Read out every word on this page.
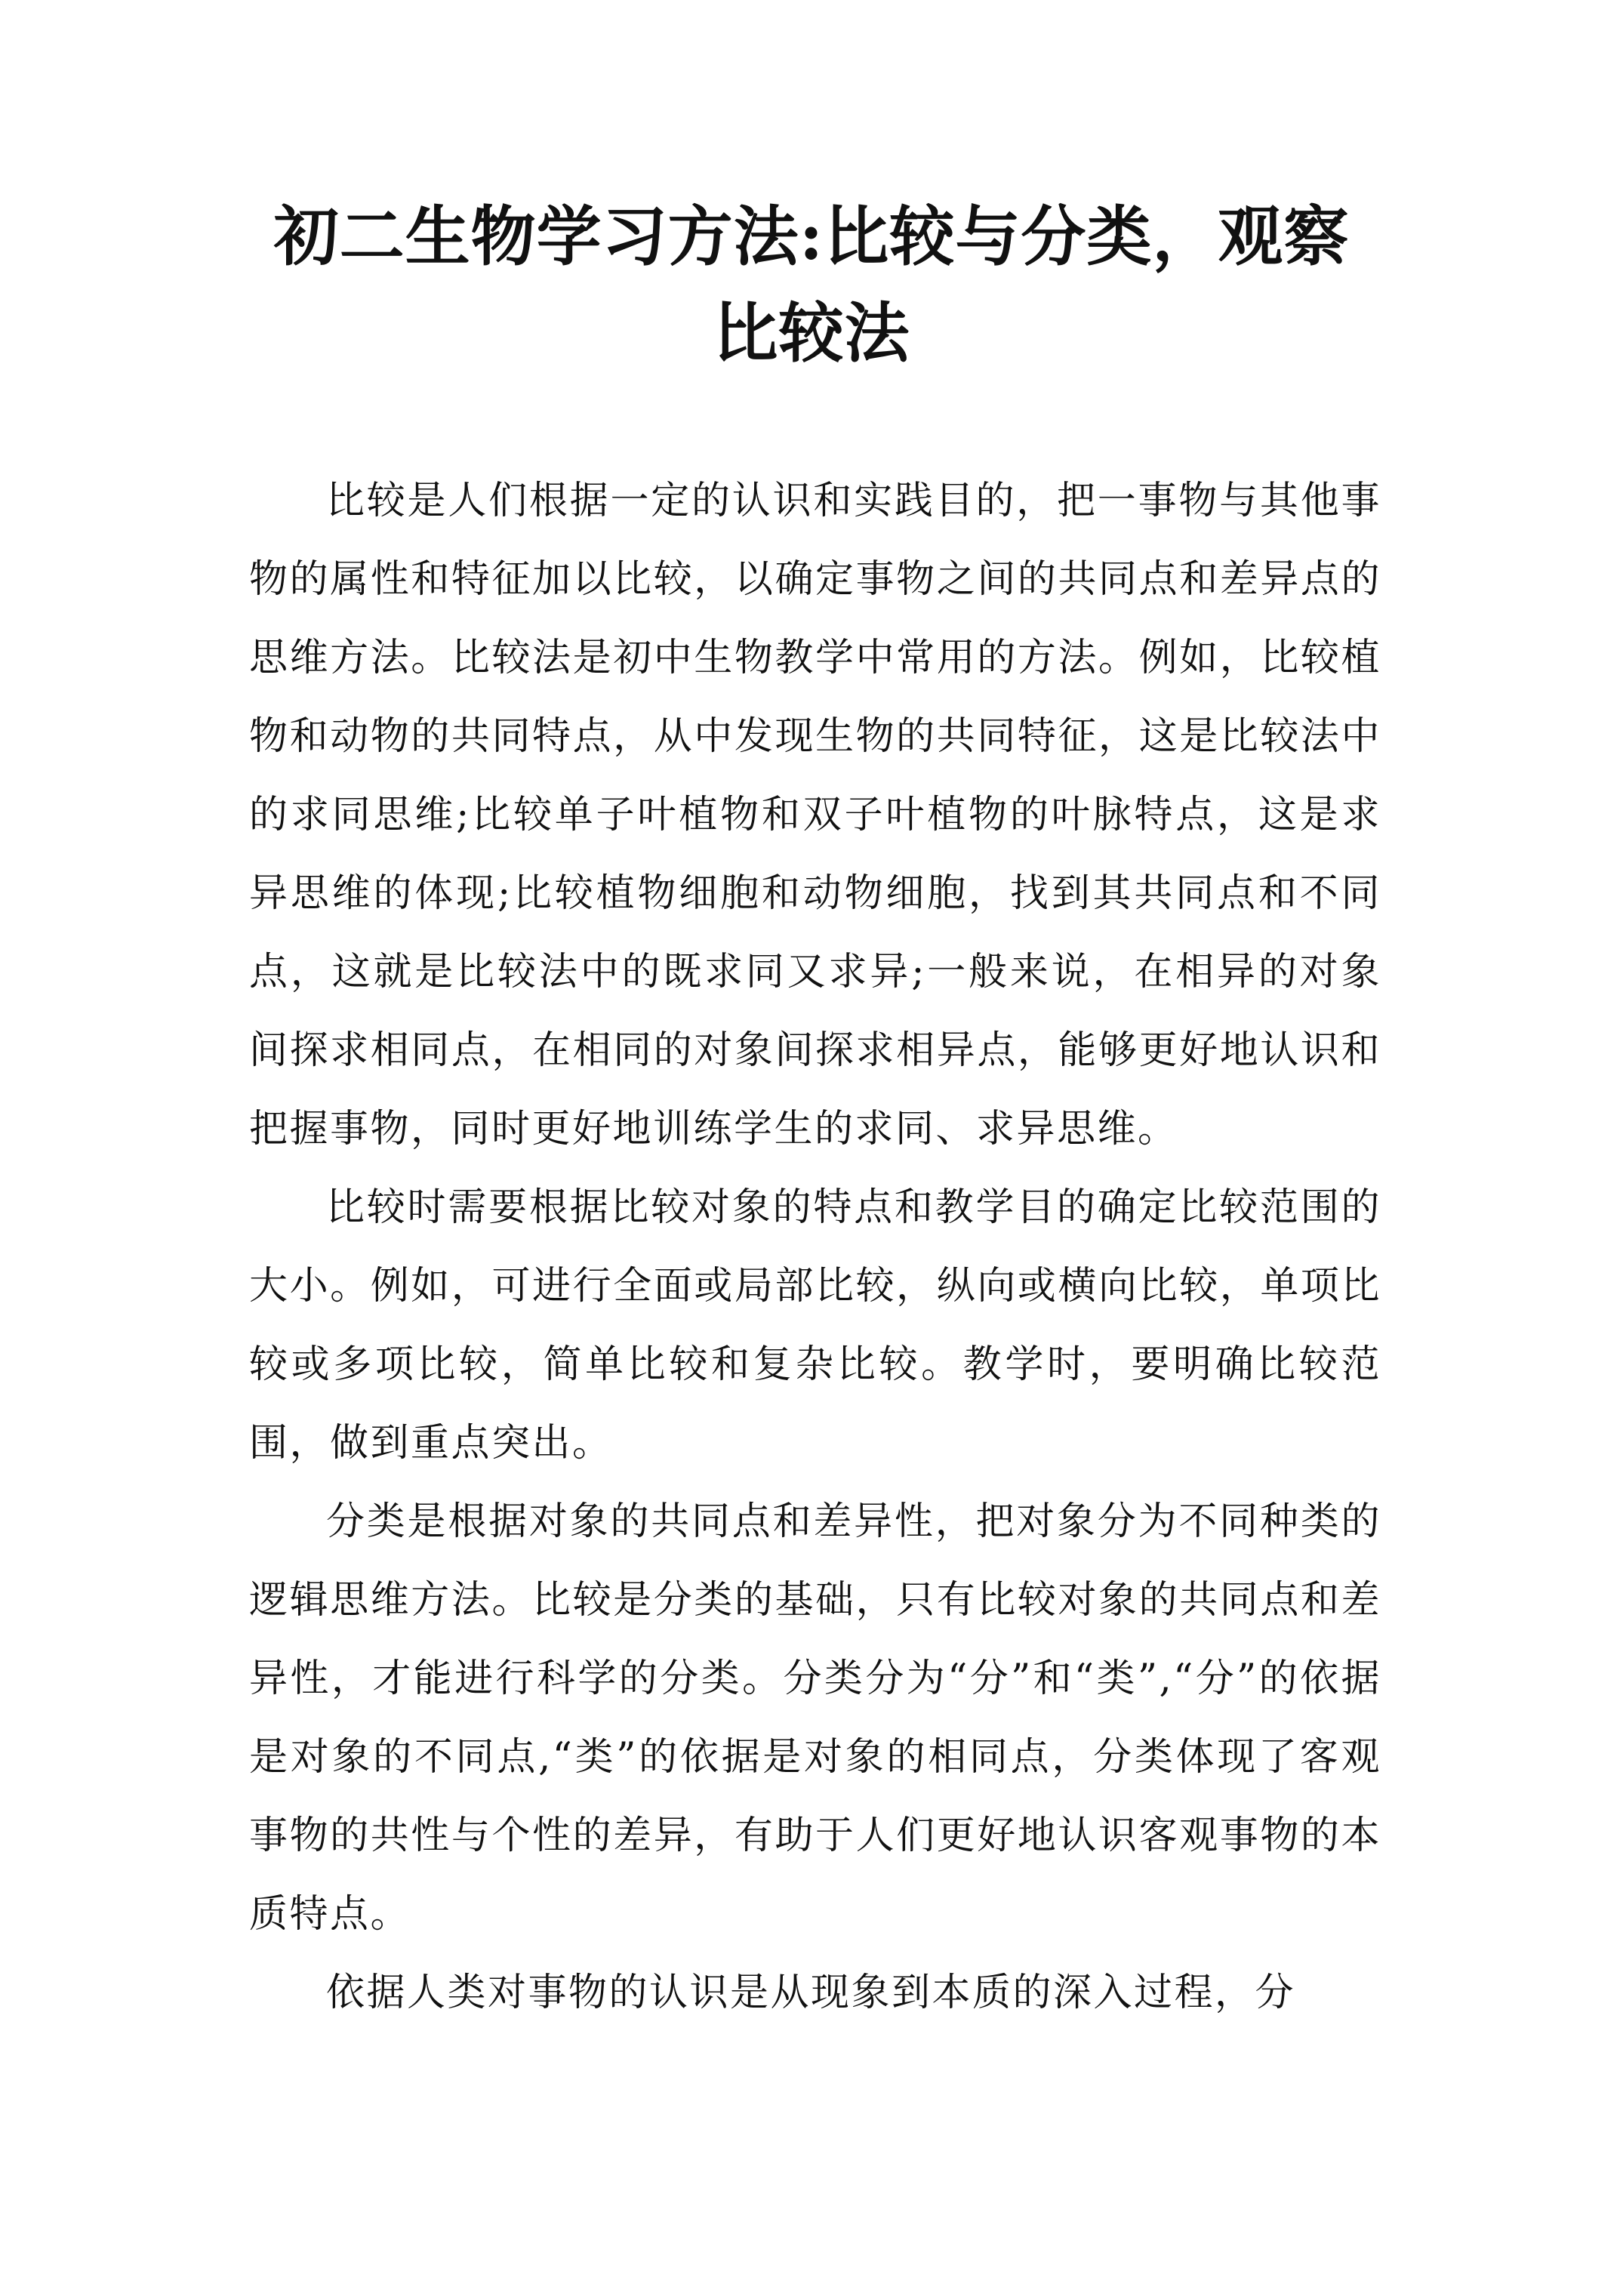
初二生物学习方法:比较与分类，观察比较法

比较是人们根据一定的认识和实践目的，把一事物与其他事物的属性和特征加以比较，以确定事物之间的共同点和差异点的思维方法。比较法是初中生物教学中常用的方法。例如，比较植物和动物的共同特点，从中发现生物的共同特征，这是比较法中的求同思维;比较单子叶植物和双子叶植物的叶脉特点，这是求异思维的体现;比较植物细胞和动物细胞，找到其共同点和不同点，这就是比较法中的既求同又求异;一般来说，在相异的对象间探求相同点，在相同的对象间探求相异点，能够更好地认识和把握事物，同时更好地训练学生的求同、求异思维。

比较时需要根据比较对象的特点和教学目的确定比较范围的大小。例如，可进行全面或局部比较，纵向或横向比较，单项比较或多项比较，简单比较和复杂比较。教学时，要明确比较范围，做到重点突出。

分类是根据对象的共同点和差异性，把对象分为不同种类的逻辑思维方法。比较是分类的基础，只有比较对象的共同点和差异性，才能进行科学的分类。分类分为“分”和“类”,“分”的依据是对象的不同点,“类”的依据是对象的相同点，分类体现了客观事物的共性与个性的差异，有助于人们更好地认识客观事物的本质特点。

依据人类对事物的认识是从现象到本质的深入过程，分
